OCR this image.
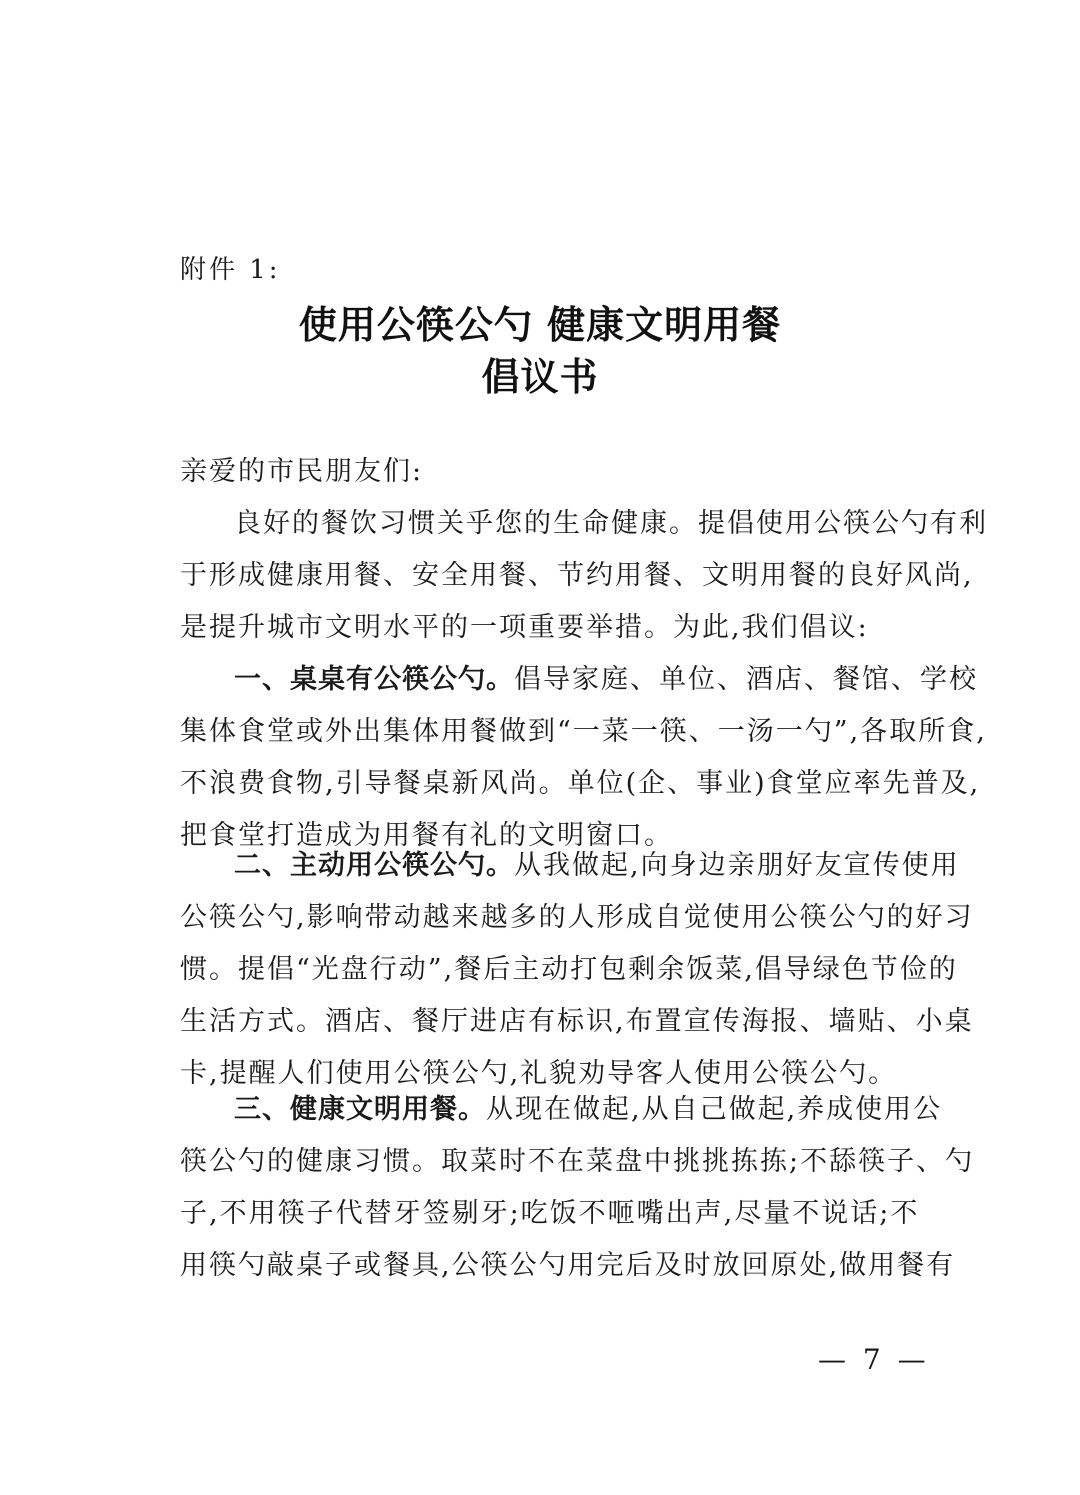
附件 1:
使用公筷公勺 健康文明用餐
倡议书
亲爱的市民朋友们:
良好的餐饮习惯关乎您的生命健康。提倡使用公筷公勺有利
于形成健康用餐、安全用餐、节约用餐、文明用餐的良好风尚,
是提升城市文明水平的一项重要举措。为此,我们倡议:
一、桌桌有公筷公勺。倡导家庭、单位、酒店、餐馆、学校
集体食堂或外出集体用餐做到“一菜一筷、一汤一勺”,各取所食,
不浪费食物,引导餐桌新风尚。单位(企、事业)食堂应率先普及,
把食堂打造成为用餐有礼的文明窗口。
二、主动用公筷公勺。从我做起,向身边亲朋好友宣传使用
公筷公勺,影响带动越来越多的人形成自觉使用公筷公勺的好习
惯。提倡“光盘行动”,餐后主动打包剩余饭菜,倡导绿色节俭的
生活方式。酒店、餐厅进店有标识,布置宣传海报、墙贴、小桌
卡,提醒人们使用公筷公勺,礼貌劝导客人使用公筷公勺。
三、健康文明用餐。从现在做起,从自己做起,养成使用公
筷公勺的健康习惯。取菜时不在菜盘中挑挑拣拣;不舔筷子、勺
子,不用筷子代替牙签剔牙;吃饭不咂嘴出声,尽量不说话;不
用筷勺敲桌子或餐具,公筷公勺用完后及时放回原处,做用餐有
— 7 —
